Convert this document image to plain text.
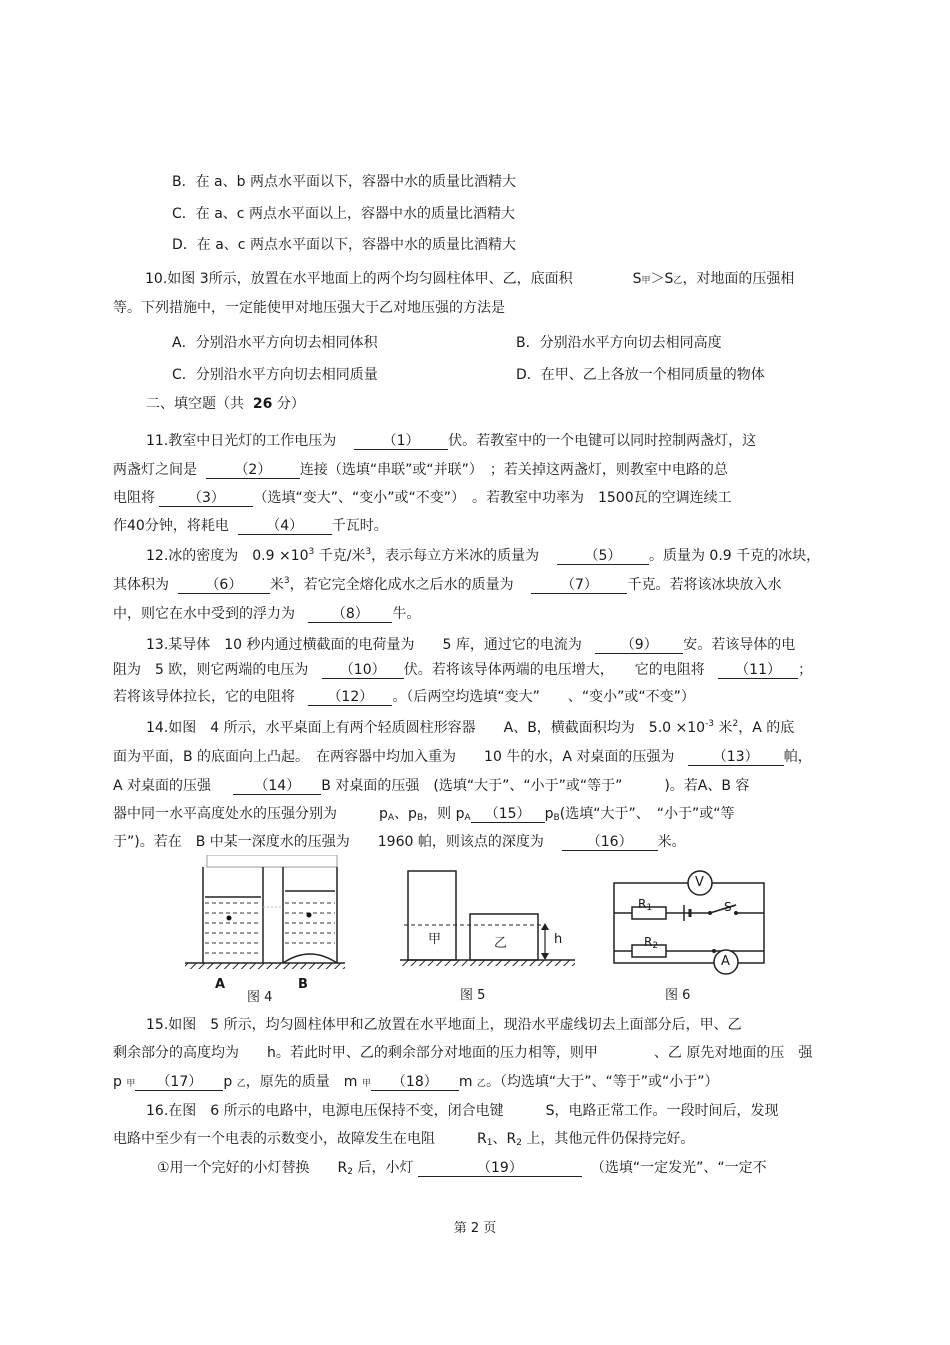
B．在 a、b 两点水平面以下，容器中水的质量比酒精大
C．在 a、c 两点水平面以上，容器中水的质量比酒精大
D．在 a、c 两点水平面以下，容器中水的质量比酒精大
10.如图 3所示，放置在水平地面上的两个均匀圆柱体甲、乙，底面积	S甲＞S乙，对地面的压强相
等。下列措施中，一定能使甲对地压强大于乙对地压强的方法是
A．分别沿水平方向切去相同体积	B．分别沿水平方向切去相同高度
C．分别沿水平方向切去相同质量	D．在甲、乙上各放一个相同质量的物体
二、填空题（共 26 分）
11.教室中日光灯的工作电压为	（1） 伏。若教室中的一个电键可以同时控制两盏灯，这
两盏灯之间是	（2） 连接（选填“串联”或“并联”）　；若关掉这两盏灯，则教室中电路的总
电阻将 （3） （选填“变大”、“变小”或“不变”）　。若教室中功率为　1500瓦的空调连续工
作40分钟，将耗电	（4） 千瓦时。
12.冰的密度为　$0.9 \times 10^3$ 千克/米$^3$，表示每立方米冰的质量为	（5） 。质量为 0.9 千克的冰块，
其体积为	（6） 米$^3$，若它完全熔化成水之后水的质量为	（7） 千克。若将该冰块放入水
中，则它在水中受到的浮力为	（8） 牛。
13.某导体　10 秒内通过横截面的电荷量为　　5 库，通过它的电流为	（9） 安。若该导体的电
阻为　5 欧，则它两端的电压为 （10） 伏。若将该导体两端的电压增大，　　它的电阻将 （11） ；
若将该导体拉长，它的电阻将 （12） 。（后两空均选填“变大”　　、“变小”或“不变”）
14.如图　4 所示，水平桌面上有两个轻质圆柱形容器　　A、B，横截面积均为　$5.0 \times 10^{-3}$ 米$^2$，A 的底
面为平面，B 的底面向上凸起。　在两容器中均加入重为　　10 牛的水，A 对桌面的压强为	（13） 帕，
A 对桌面的压强	（14） B 对桌面的压强　(选填“大于”、“小于”或“等于”　　　)。若A、B 容
器中同一水平高度处水的压强分别为　　　$p_A$、$p_B$，则 $p_A$ （15） $p_B$(选填“大于”、　“小于”或“等
于”)。若在　B 中某一深度水的压强为　　1960 帕，则该点的深度为	（16） 米。
A	B
图 4
甲	乙	h
图 5
V
A
$R_1$
$R_2$
S
图 6
15.如图　5 所示，均匀圆柱体甲和乙放置在水平地面上，现沿水平虚线切去上面部分后，甲、乙
剩余部分的高度均为　　h。若此时甲、乙的剩余部分对地面的压力相等，则甲　　　　、乙 原先对地面的压　强
p 甲 （17） p 乙，原先的质量　m 甲 （18） m 乙。（均选填“大于”、“等于”或“小于”）
16.在图　6 所示的电路中，电源电压保持不变，闭合电键　　　S，电路正常工作。一段时间后，发现
电路中至少有一个电表的示数变小，故障发生在电阻　　　$R_1$、$R_2$ 上，其他元件仍保持完好。
①用一个完好的小灯替换　　$R_2$ 后，小灯	（19）	（选填“一定发光”、“一定不
第 2 页
